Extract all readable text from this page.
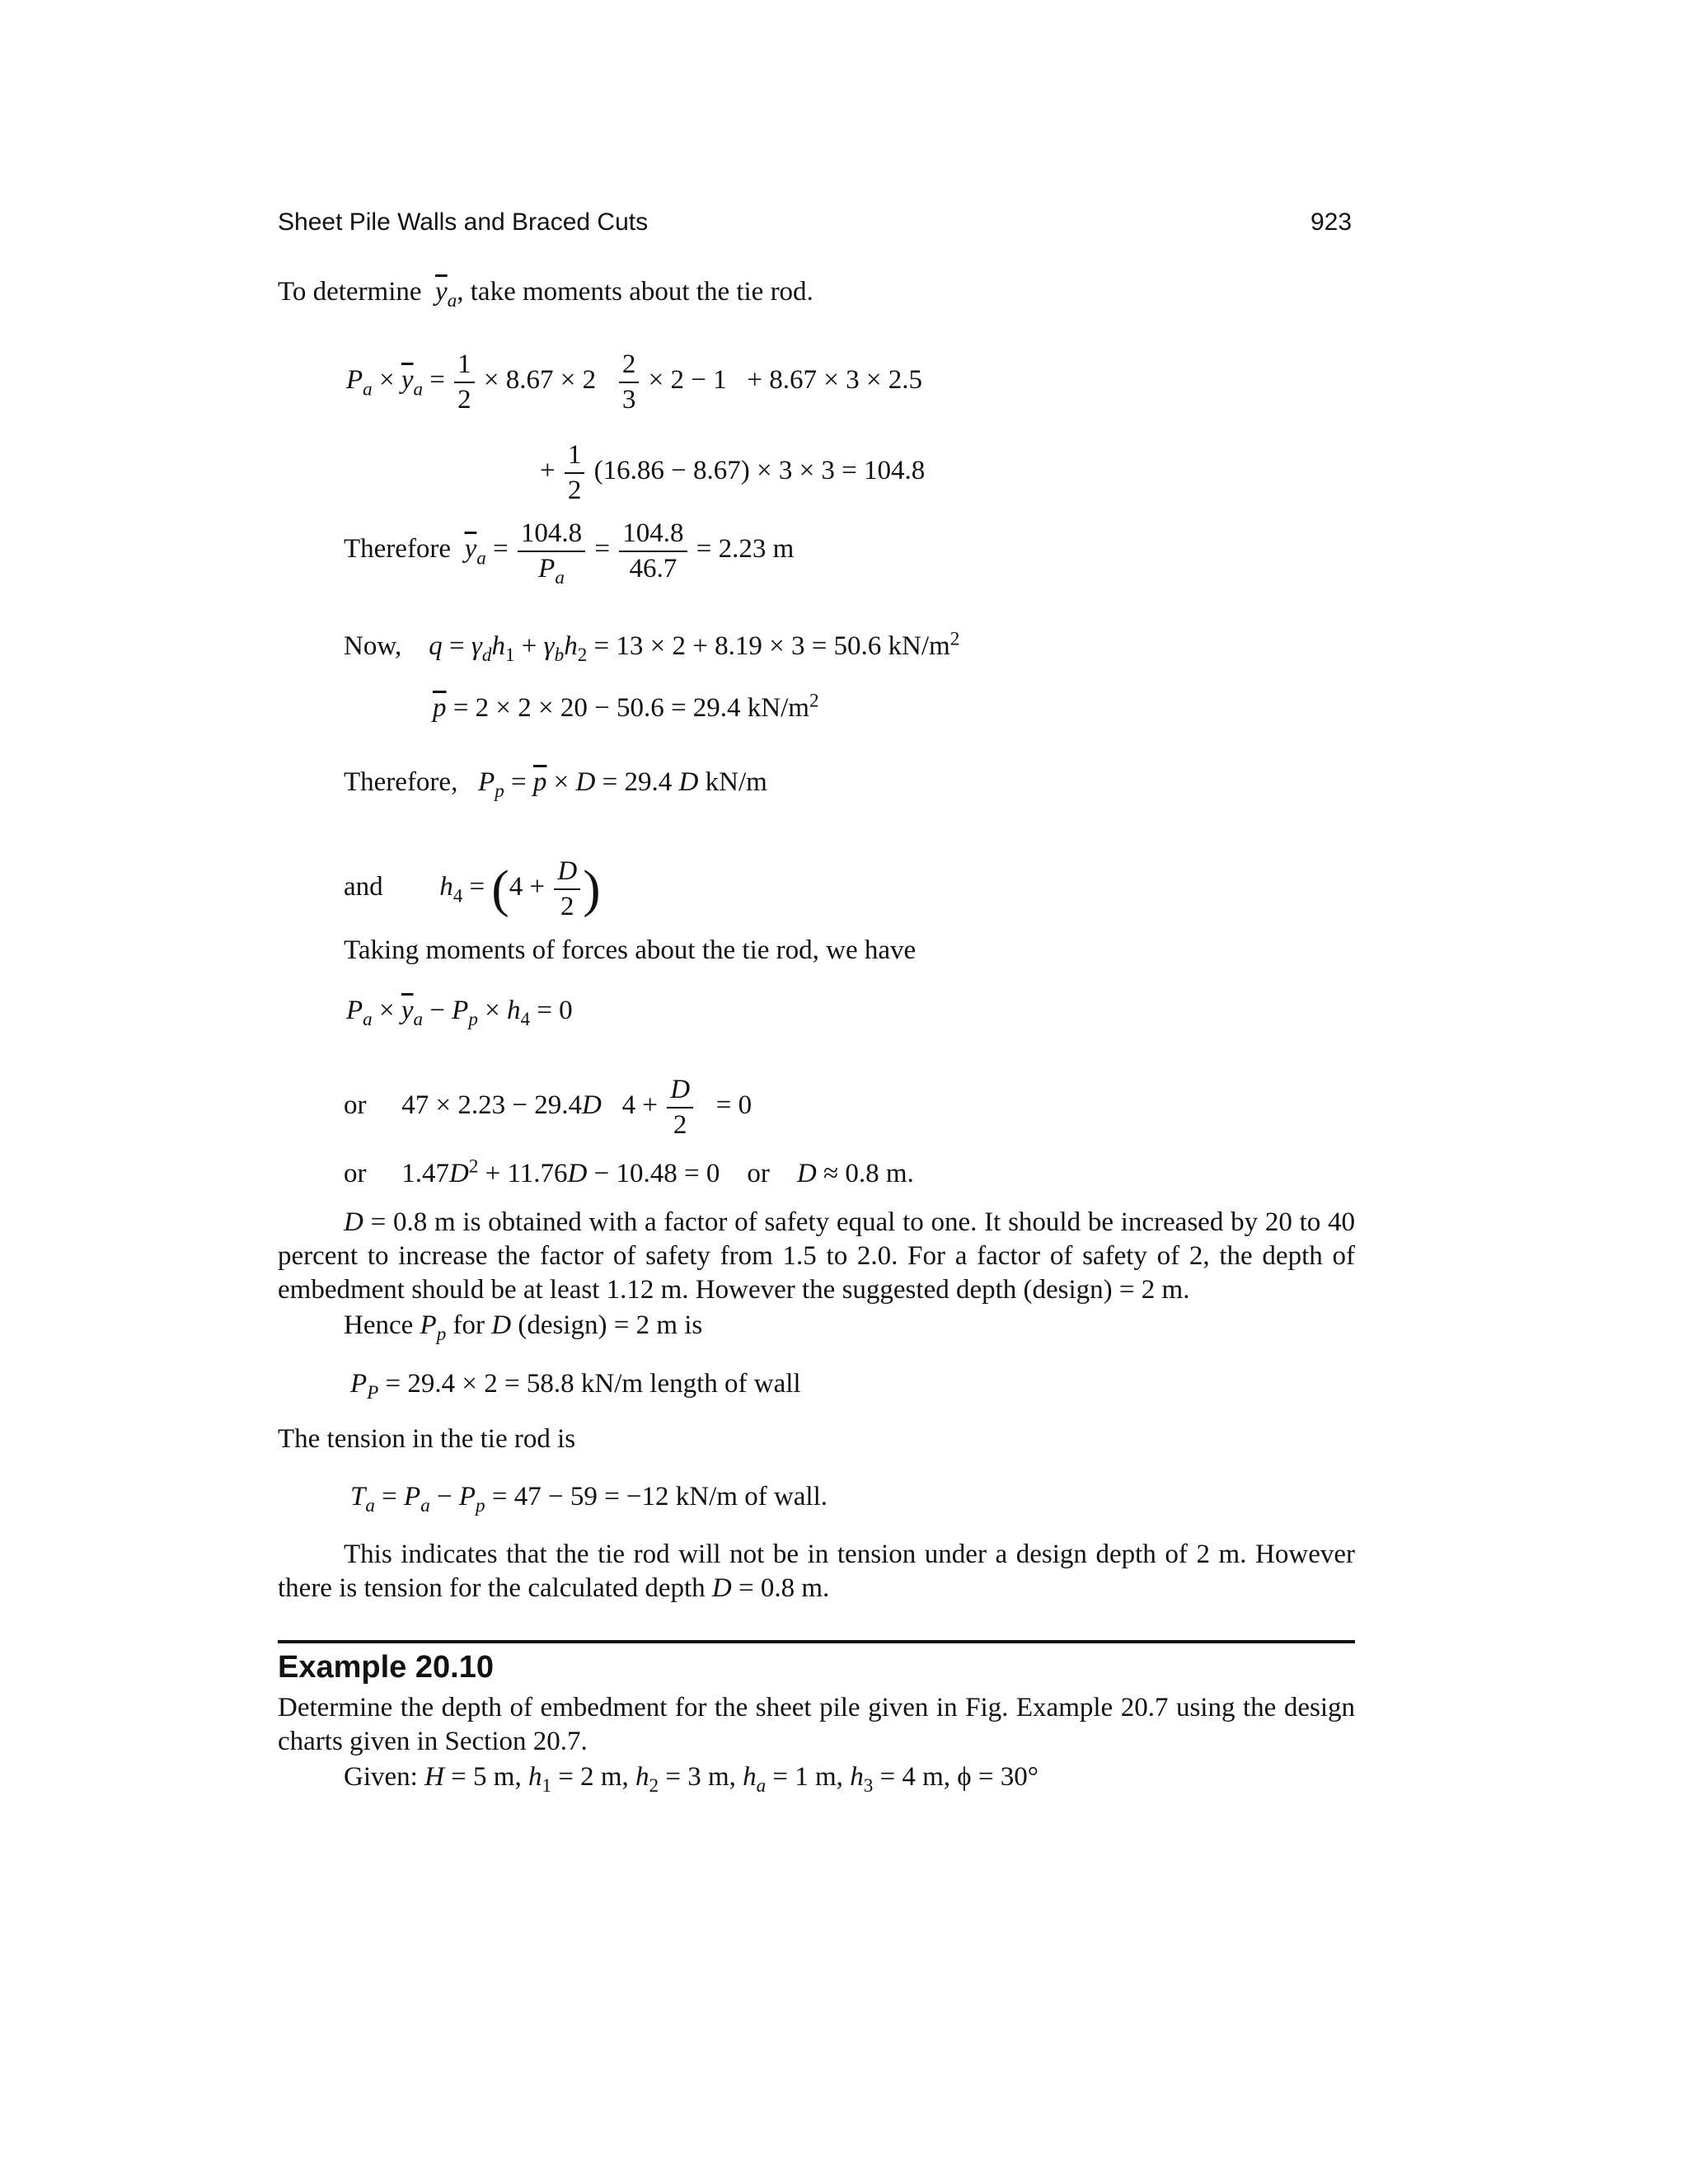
Sheet Pile Walls and Braced Cuts	923
To determine $\overline{y}_a$, take moments about the tie rod.
$P_a \times \overline{y}_a = \frac{1}{2} \times 8.67 \times 2 \frac{2}{3} \times 2 - 1 + 8.67 \times 3 \times 2.5$
+ $\frac{1}{2} (16.86 - 8.67) \times 3 \times 3 = 104.8$
Therefore $\overline{y}_a = \frac{104.8}{P_a} = \frac{104.8}{46.7} = 2.23$ m
Now, $q = \gamma_dh_1 + \gamma_bh_2 = 13 \times 2 + 8.19 \times 3 = 50.6$ $kN/m^2$
$\overline{p} = 2 \times 2 \times 20 - 50.6 = 29.4$ $kN/m^2$
Therefore, $P_p = \overline{p} \times D = 29.4$ D kN/m
and $h_4 = (4 + \frac{D}{2}$ )
Taking moments of forces about the tie rod, we have
$P_a \times \overline{y}_a - P_p \times h_4 = 0$
or 47 × 2.23 − 29.4D   $4 + \frac{D}{2} = 0$
or $1.47D^2 + 11.76D - 10.48 = 0$ or D ≈ 0.8 m.
D = 0.8 m is obtained with a factor of safety equal to one. It should be increased by 20 to 40 percent to increase the factor of safety from 1.5 to 2.0. For a factor of safety of 2, the depth of embedment should be at least 1.12 m. However the suggested depth (design) = 2 m.
Hence $P_p$ for D (design) = 2 m is
$P_P = 29.4 \times 2 = 58.8$ kN/m length of wall
The tension in the tie rod is
$T_a = P_a - P_p = 47 - 59 = -12$ kN/m of wall.
This indicates that the tie rod will not be in tension under a design depth of 2 m. However there is tension for the calculated depth D = 0.8 m.
Example 20.10
Determine the depth of embedment for the sheet pile given in Fig. Example 20.7 using the design charts given in Section 20.7.
Given: H = 5 m, $h_1 = 2$ m, $h_2 = 3$ m, $h_a = 1$ m, $h_3 = 4$ m, ϕ = 30°
